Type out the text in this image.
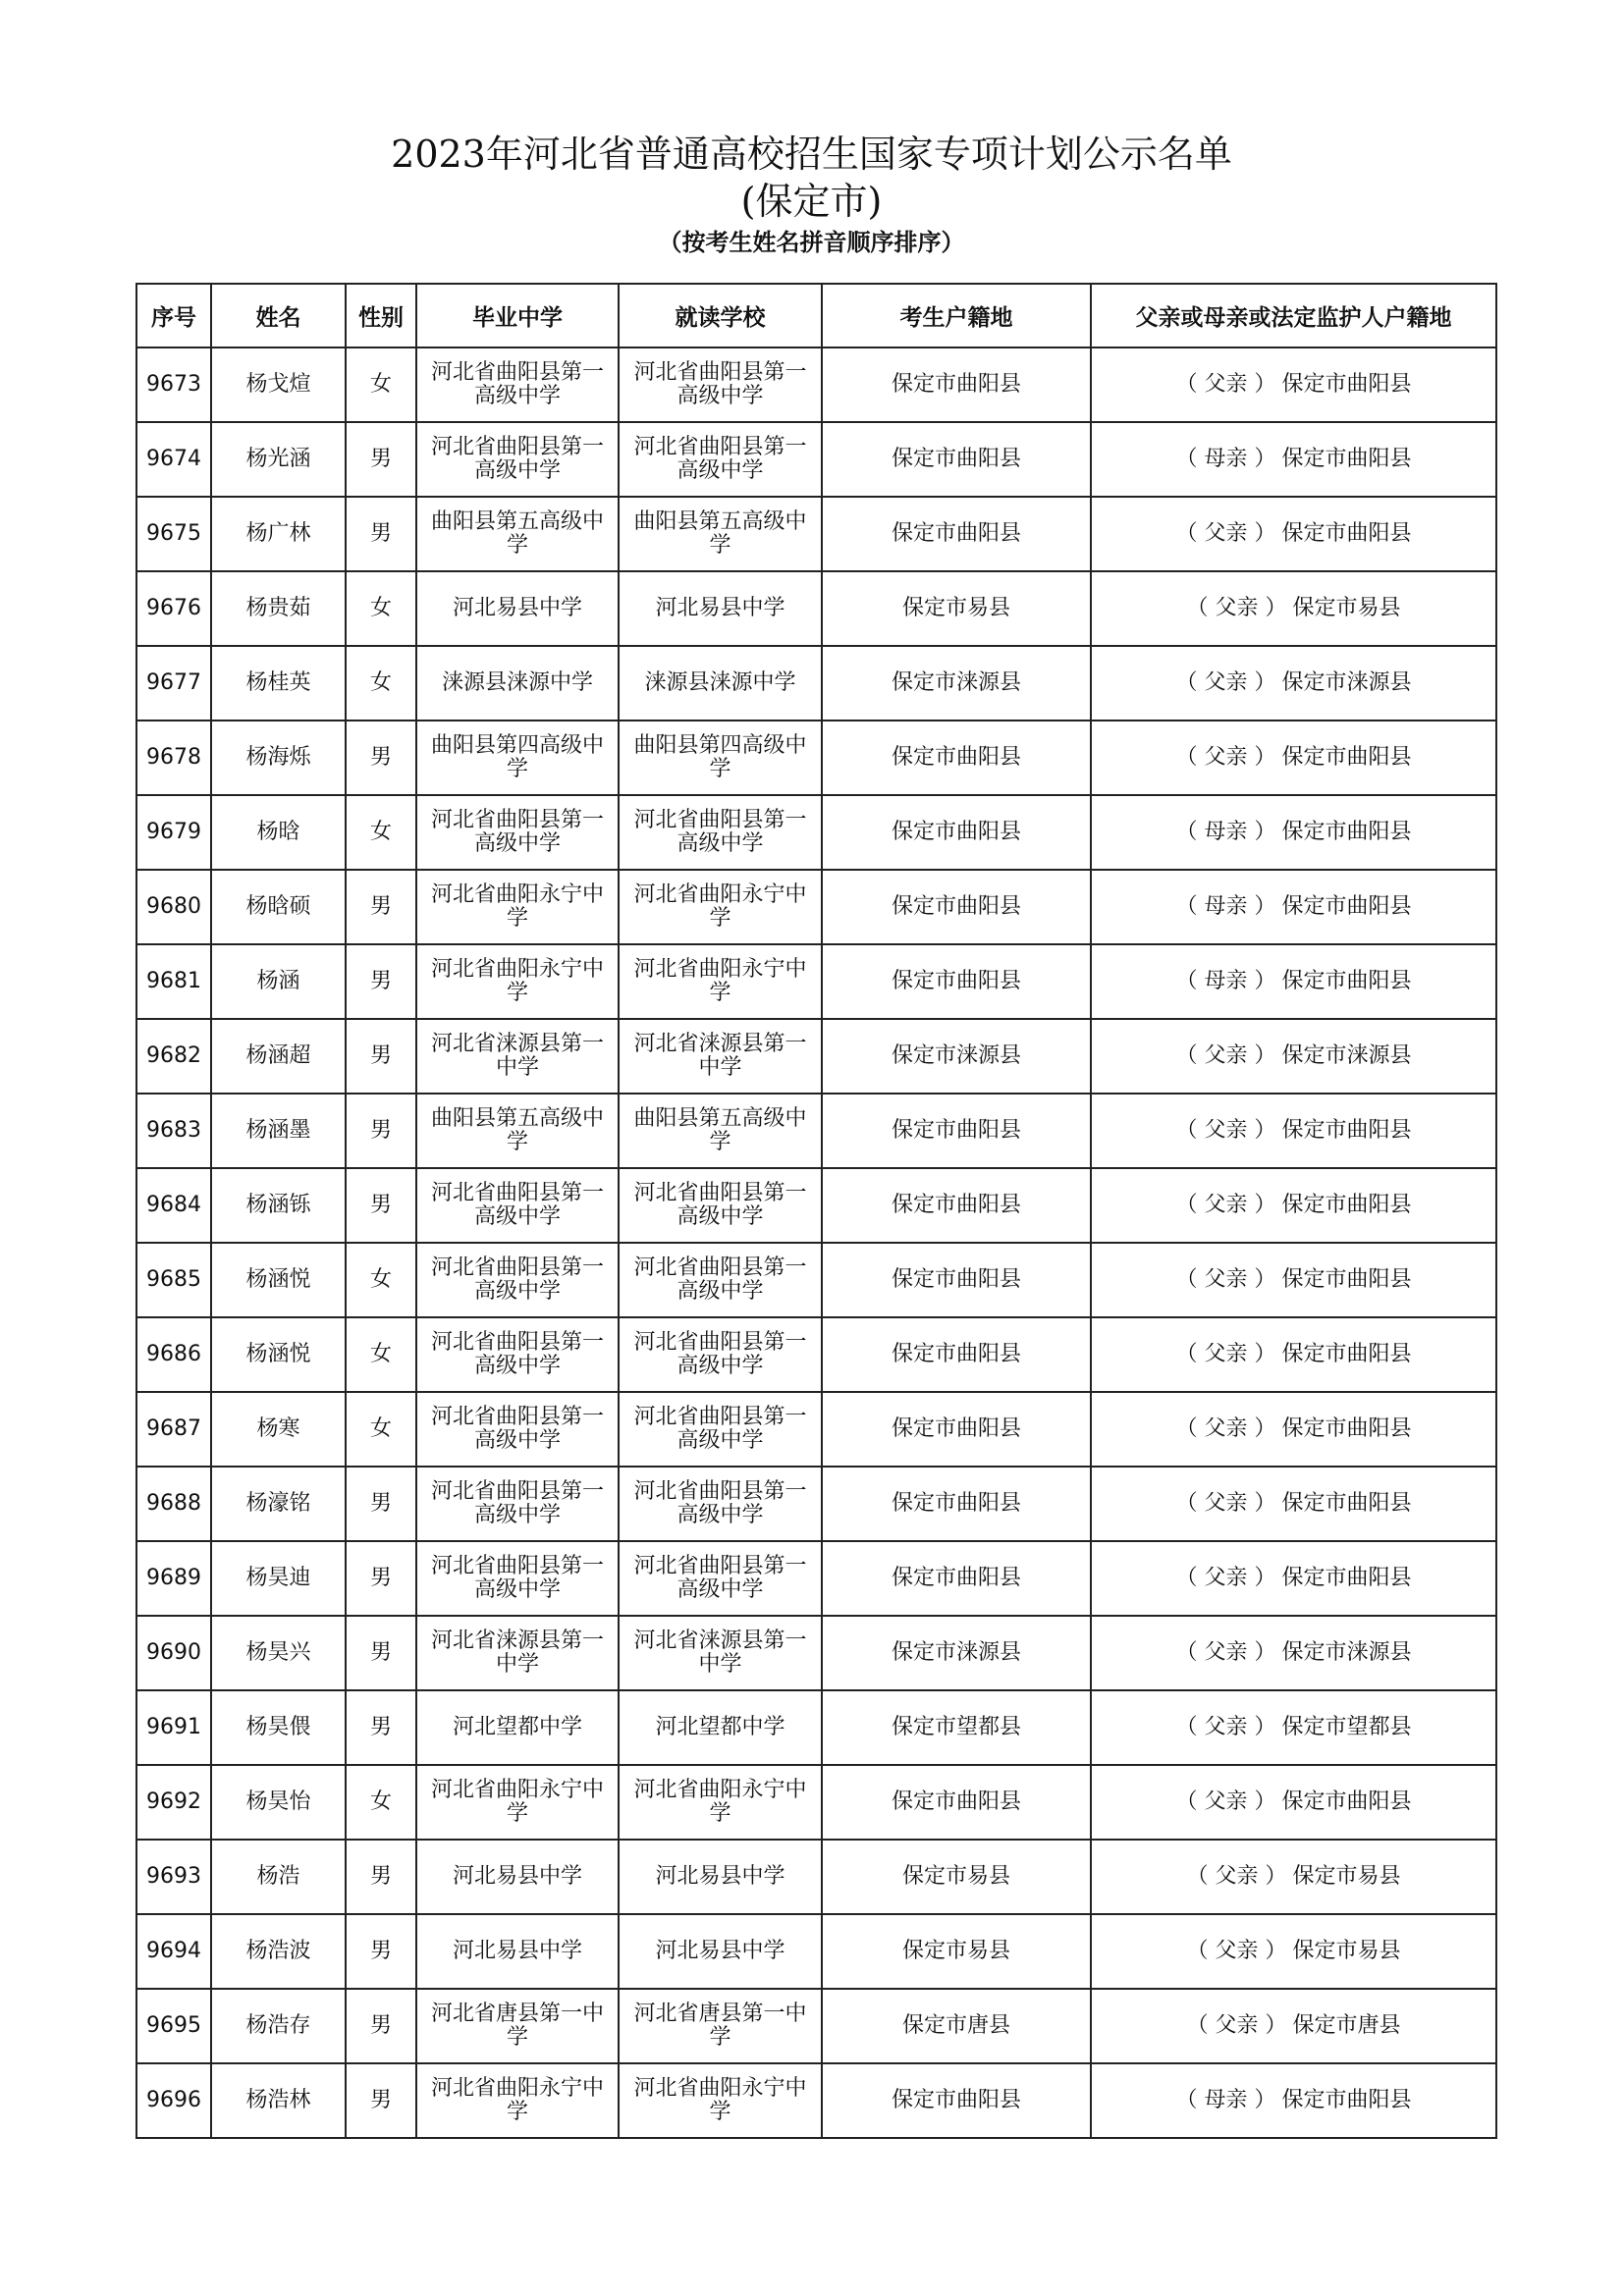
2023年河北省普通高校招生国家专项计划公示名单
(保定市)
（按考生姓名拼音顺序排序）
序号	姓名	性别	毕业中学	就读学校	考生户籍地	父亲或母亲或法定监护人户籍地
9673	杨戈煊	女	河北省曲阳县第一高级中学	河北省曲阳县第一高级中学	保定市曲阳县	（ 父亲 ） 保定市曲阳县
9674	杨光涵	男	河北省曲阳县第一高级中学	河北省曲阳县第一高级中学	保定市曲阳县	（ 母亲 ） 保定市曲阳县
9675	杨广林	男	曲阳县第五高级中学	曲阳县第五高级中学	保定市曲阳县	（ 父亲 ） 保定市曲阳县
9676	杨贵茹	女	河北易县中学	河北易县中学	保定市易县	（ 父亲 ） 保定市易县
9677	杨桂英	女	涞源县涞源中学	涞源县涞源中学	保定市涞源县	（ 父亲 ） 保定市涞源县
9678	杨海烁	男	曲阳县第四高级中学	曲阳县第四高级中学	保定市曲阳县	（ 父亲 ） 保定市曲阳县
9679	杨晗	女	河北省曲阳县第一高级中学	河北省曲阳县第一高级中学	保定市曲阳县	（ 母亲 ） 保定市曲阳县
9680	杨晗硕	男	河北省曲阳永宁中学	河北省曲阳永宁中学	保定市曲阳县	（ 母亲 ） 保定市曲阳县
9681	杨涵	男	河北省曲阳永宁中学	河北省曲阳永宁中学	保定市曲阳县	（ 母亲 ） 保定市曲阳县
9682	杨涵超	男	河北省涞源县第一中学	河北省涞源县第一中学	保定市涞源县	（ 父亲 ） 保定市涞源县
9683	杨涵墨	男	曲阳县第五高级中学	曲阳县第五高级中学	保定市曲阳县	（ 父亲 ） 保定市曲阳县
9684	杨涵铄	男	河北省曲阳县第一高级中学	河北省曲阳县第一高级中学	保定市曲阳县	（ 父亲 ） 保定市曲阳县
9685	杨涵悦	女	河北省曲阳县第一高级中学	河北省曲阳县第一高级中学	保定市曲阳县	（ 父亲 ） 保定市曲阳县
9686	杨涵悦	女	河北省曲阳县第一高级中学	河北省曲阳县第一高级中学	保定市曲阳县	（ 父亲 ） 保定市曲阳县
9687	杨寒	女	河北省曲阳县第一高级中学	河北省曲阳县第一高级中学	保定市曲阳县	（ 父亲 ） 保定市曲阳县
9688	杨濠铭	男	河北省曲阳县第一高级中学	河北省曲阳县第一高级中学	保定市曲阳县	（ 父亲 ） 保定市曲阳县
9689	杨昊迪	男	河北省曲阳县第一高级中学	河北省曲阳县第一高级中学	保定市曲阳县	（ 父亲 ） 保定市曲阳县
9690	杨昊兴	男	河北省涞源县第一中学	河北省涞源县第一中学	保定市涞源县	（ 父亲 ） 保定市涞源县
9691	杨昊偎	男	河北望都中学	河北望都中学	保定市望都县	（ 父亲 ） 保定市望都县
9692	杨昊怡	女	河北省曲阳永宁中学	河北省曲阳永宁中学	保定市曲阳县	（ 父亲 ） 保定市曲阳县
9693	杨浩	男	河北易县中学	河北易县中学	保定市易县	（ 父亲 ） 保定市易县
9694	杨浩波	男	河北易县中学	河北易县中学	保定市易县	（ 父亲 ） 保定市易县
9695	杨浩存	男	河北省唐县第一中学	河北省唐县第一中学	保定市唐县	（ 父亲 ） 保定市唐县
9696	杨浩林	男	河北省曲阳永宁中学	河北省曲阳永宁中学	保定市曲阳县	（ 母亲 ） 保定市曲阳县
